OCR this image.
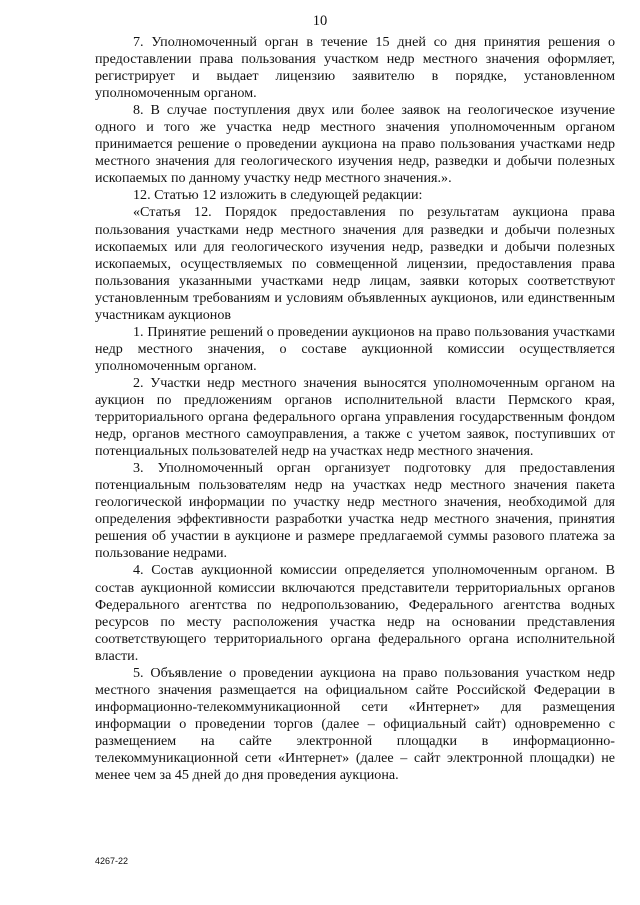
10

7. Уполномоченный орган в течение 15 дней со дня принятия решения о предоставлении права пользования участком недр местного значения оформляет, регистрирует и выдает лицензию заявителю в порядке, установленном уполномоченным органом.

8. В случае поступления двух или более заявок на геологическое изучение одного и того же участка недр местного значения уполномоченным органом принимается решение о проведении аукциона на право пользования участками недр местного значения для геологического изучения недр, разведки и добычи полезных ископаемых по данному участку недр местного значения.».

12. Статью 12 изложить в следующей редакции:

«Статья 12. Порядок предоставления по результатам аукциона права пользования участками недр местного значения для разведки и добычи полезных ископаемых или для геологического изучения недр, разведки и добычи полезных ископаемых, осуществляемых по совмещенной лицензии, предоставления права пользования указанными участками недр лицам, заявки которых соответствуют установленным требованиям и условиям объявленных аукционов, или единственным участникам аукционов

1. Принятие решений о проведении аукционов на право пользования участками недр местного значения, о составе аукционной комиссии осуществляется уполномоченным органом.

2. Участки недр местного значения выносятся уполномоченным органом на аукцион по предложениям органов исполнительной власти Пермского края, территориального органа федерального органа управления государственным фондом недр, органов местного самоуправления, а также с учетом заявок, поступивших от потенциальных пользователей недр на участках недр местного значения.

3. Уполномоченный орган организует подготовку для предоставления потенциальным пользователям недр на участках недр местного значения пакета геологической информации по участку недр местного значения, необходимой для определения эффективности разработки участка недр местного значения, принятия решения об участии в аукционе и размере предлагаемой суммы разового платежа за пользование недрами.

4. Состав аукционной комиссии определяется уполномоченным органом. В состав аукционной комиссии включаются представители территориальных органов Федерального агентства по недропользованию, Федерального агентства водных ресурсов по месту расположения участка недр на основании представления соответствующего территориального органа федерального органа исполнительной власти.

5. Объявление о проведении аукциона на право пользования участком недр местного значения размещается на официальном сайте Российской Федерации в информационно-телекоммуникационной сети «Интернет» для размещения информации о проведении торгов (далее – официальный сайт) одновременно с размещением на сайте электронной площадки в информационно-телекоммуникационной сети «Интернет» (далее – сайт электронной площадки) не менее чем за 45 дней до дня проведения аукциона.

4267-22
